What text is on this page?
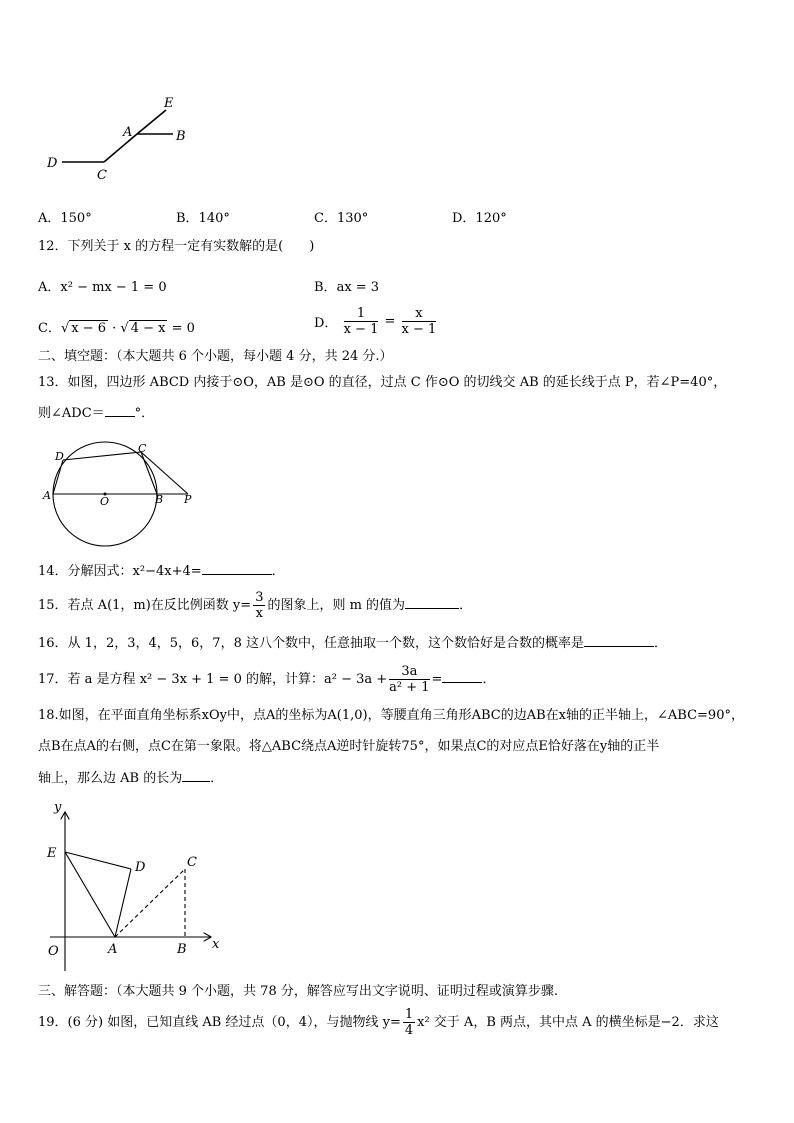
E
A	B
D
C
A．150°	B．140°	C．130°	D．120°
12．下列关于 x 的方程一定有实数解的是(　　)
A．x² − mx − 1 = 0	B．ax = 3
C．√ x − 6 · √ 4 − x = 0	D． $\frac{1}{x - 1} = \frac{x}{x - 1}$
二、填空题：（本大题共 6 个小题，每小题 4 分，共 24 分.）
13．如图，四边形 ABCD 内接于⊙O，AB 是⊙O 的直径，过点 C 作⊙O 的切线交 AB 的延长线于点 P，若∠P=40°，
则∠ADC＝ °．
D
C
A	O	B P
14．分解因式：x²−4x+4=	．
15．若点 A(1，m)在反比例函数 $y= \frac{3}{x}$ 的图象上，则 m 的值为	．
16．从 1，2，3，4，5，6，7，8 这八个数中，任意抽取一个数，这个数恰好是合数的概率是	．
17．若 a 是方程 x² − 3x + 1 = 0 的解，计算：$a^2 - 3a + \frac{3a}{\text{a² + 1}}$ =	．
18.如图，在平面直角坐标系xOy中，点A的坐标为A(1,0)，等腰直角三角形ABC的边AB在x轴的正半轴上，∠ABC=90°，
点B在点A的右侧，点C在第一象限。将△ABC绕点A逆时针旋转75°，如果点C的对应点E恰好落在y轴的正半
轴上，那么边 AB 的长为 ．
y
E
D	C
O	A	B x
三、解答题：（本大题共 9 个小题，共 78 分，解答应写出文字说明、证明过程或演算步骤.
19．(6 分) 如图，已知直线 AB 经过点（0，4），与抛物线 $y= \frac{1}{4} x^2$ 交于 A，B 两点，其中点 A 的横坐标是−2．求这
